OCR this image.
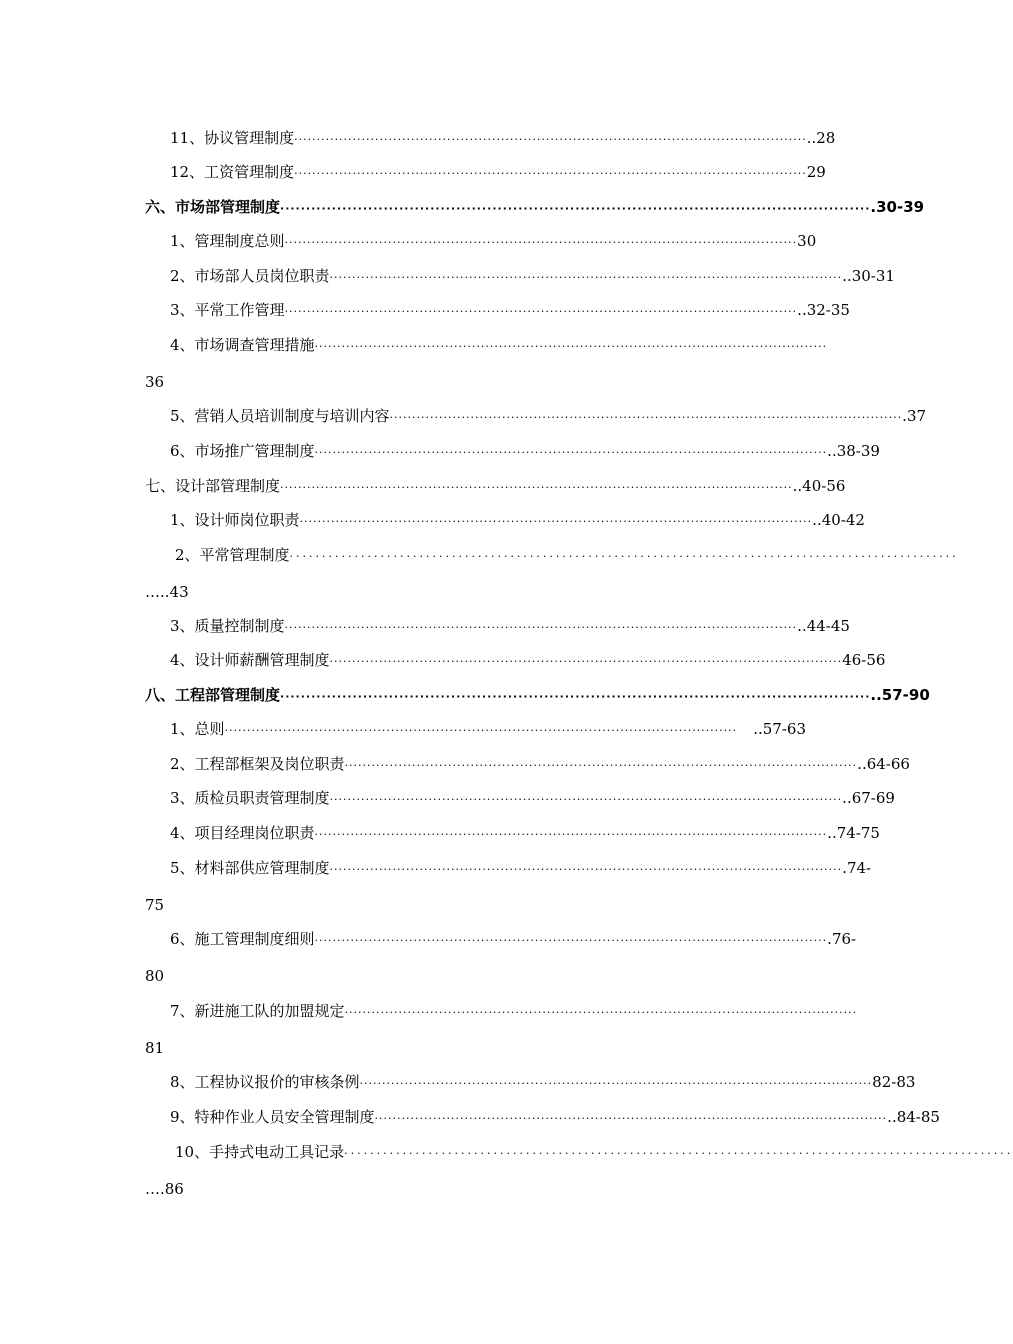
11、协议管理制度 ·················································································································· ..28
12、工资管理制度 ·················································································································· 29
六、市场部管理制度 ·················································································································· .30-39
1、管理制度总则 ·················································································································· 30
2、市场部人员岗位职责 ·················································································································· ..30-31
3、平常工作管理 ·················································································································· ..32-35
4、市场调查管理措施 ··················································································································
36
5、营销人员培训制度与培训内容 ·················································································································· .37
6、市场推广管理制度 ·················································································································· ..38-39
七、设计部管理制度 ·················································································································· ..40-56
1、设计师岗位职责 ·················································································································· ..40-42
2、平常管理制度 ·······································································································
…..43
3、质量控制制度 ·················································································································· ..44-45
4、设计师薪酬管理制度 ·················································································································· 46-56
八、工程部管理制度 ·················································································································· ..57-90
1、总则 ··················································································································	..57-63
2、工程部框架及岗位职责 ·················································································································· ..64-66
3、质检员职责管理制度 ·················································································································· ..67-69
4、项目经理岗位职责 ·················································································································· ..74-75
5、材料部供应管理制度 ·················································································································· .74-
75
6、施工管理制度细则 ·················································································································· .76-
80
7、新进施工队的加盟规定 ··················································································································
81
8、工程协议报价的审核条例 ·················································································································· 82-83
9、特种作业人员安全管理制度 ·················································································································· ..84-85
10、手持式电动工具记录 ·······································································································
….86
